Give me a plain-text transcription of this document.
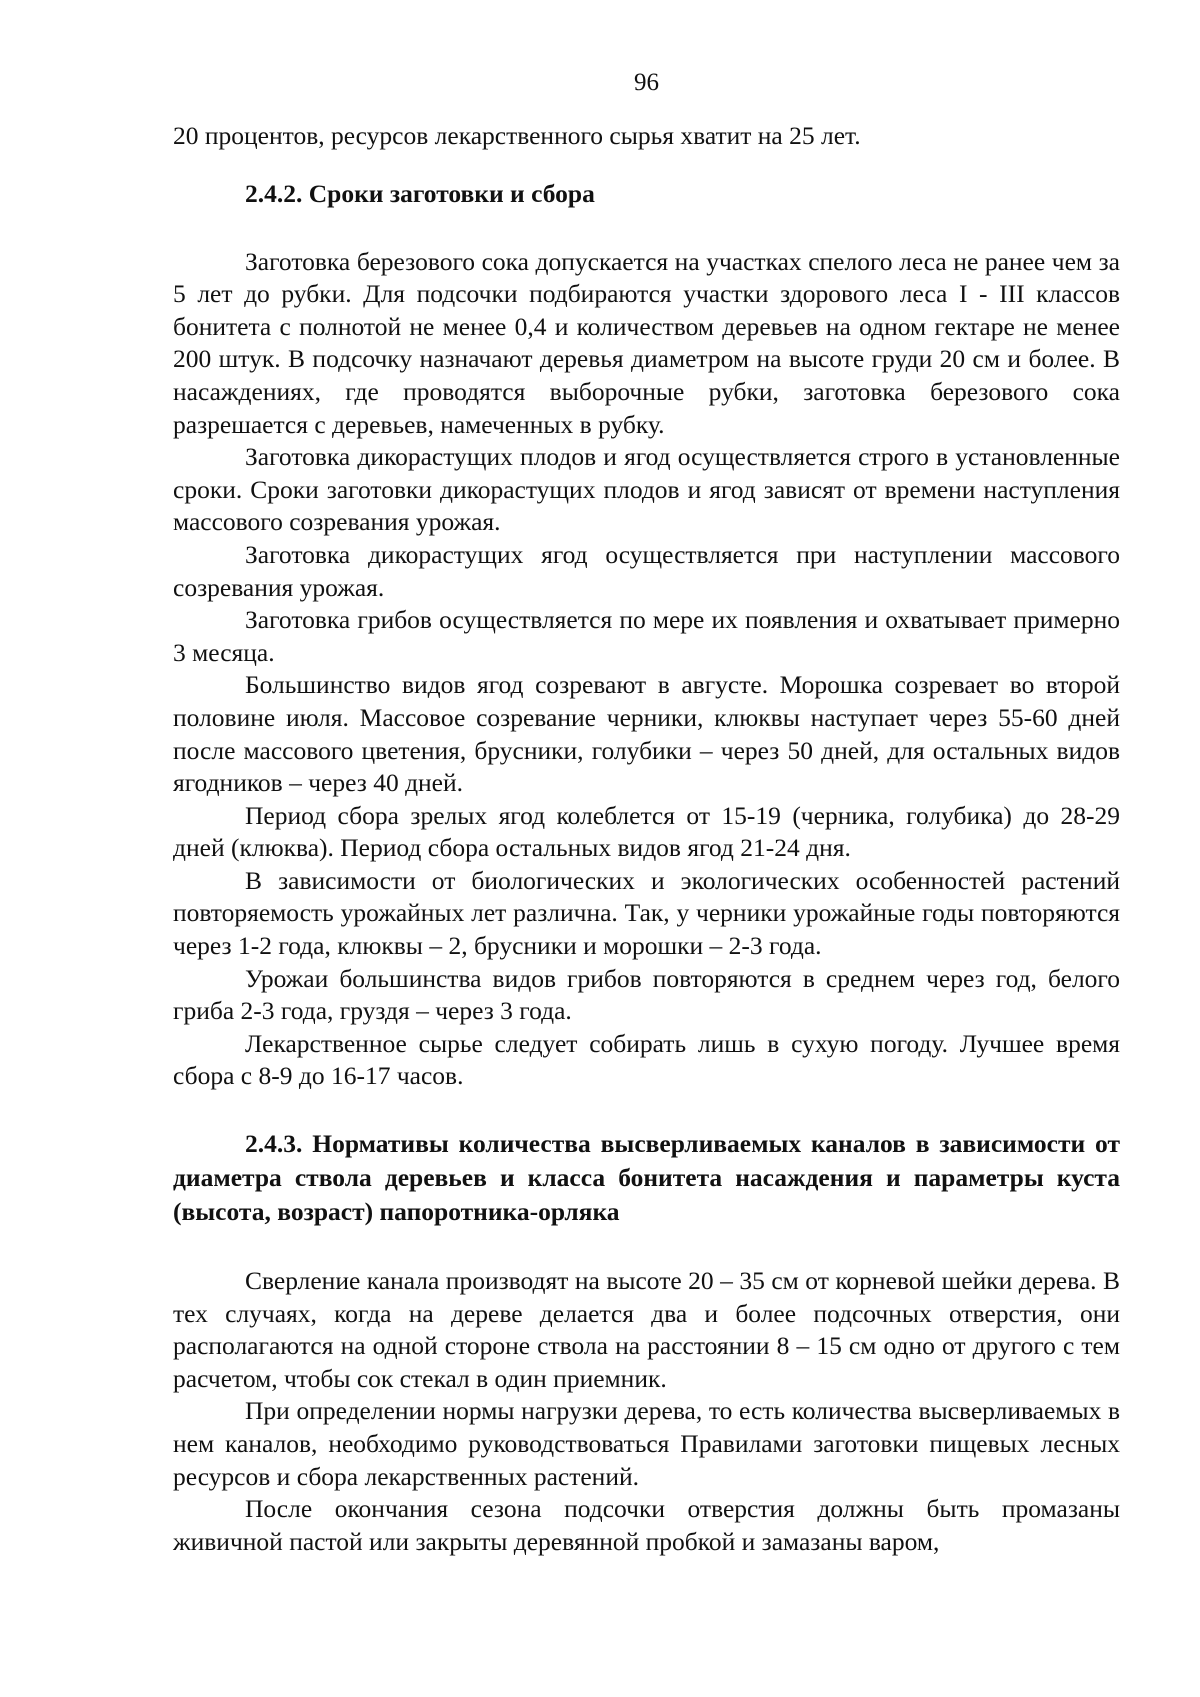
96

20 процентов, ресурсов лекарственного сырья хватит на 25 лет.

2.4.2. Сроки заготовки и сбора

Заготовка березового сока допускается на участках спелого леса не ранее чем за 5 лет до рубки. Для подсочки подбираются участки здорового леса I - III классов бонитета с полнотой не менее 0,4 и количеством деревьев на одном гектаре не менее 200 штук. В подсочку назначают деревья диаметром на высоте груди 20 см и более. В насаждениях, где проводятся выборочные рубки, заготовка березового сока разрешается с деревьев, намеченных в рубку.

Заготовка дикорастущих плодов и ягод осуществляется строго в установленные сроки. Сроки заготовки дикорастущих плодов и ягод зависят от времени наступления массового созревания урожая.

Заготовка дикорастущих ягод осуществляется при наступлении массового созревания урожая.

Заготовка грибов осуществляется по мере их появления и охватывает примерно 3 месяца.

Большинство видов ягод созревают в августе. Морошка созревает во второй половине июля. Массовое созревание черники, клюквы наступает через 55-60 дней после массового цветения, брусники, голубики – через 50 дней, для остальных видов ягодников – через 40 дней.

Период сбора зрелых ягод колеблется от 15-19 (черника, голубика) до 28-29 дней (клюква). Период сбора остальных видов ягод 21-24 дня.

В зависимости от биологических и экологических особенностей растений повторяемость урожайных лет различна. Так, у черники урожайные годы повторяются через 1-2 года, клюквы – 2, брусники и морошки – 2-3 года.

Урожаи большинства видов грибов повторяются в среднем через год, белого гриба 2-3 года, груздя – через 3 года.

Лекарственное сырье следует собирать лишь в сухую погоду. Лучшее время сбора с 8-9 до 16-17 часов.

2.4.3. Нормативы количества высверливаемых каналов в зависимости от диаметра ствола деревьев и класса бонитета насаждения и параметры куста (высота, возраст) папоротника-орляка

Сверление канала производят на высоте 20 – 35 см от корневой шейки дерева. В тех случаях, когда на дереве делается два и более подсочных отверстия, они располагаются на одной стороне ствола на расстоянии 8 – 15 см одно от другого с тем расчетом, чтобы сок стекал в один приемник.

При определении нормы нагрузки дерева, то есть количества высверливаемых в нем каналов, необходимо руководствоваться Правилами заготовки пищевых лесных ресурсов и сбора лекарственных растений.

После окончания сезона подсочки отверстия должны быть промазаны живичной пастой или закрыты деревянной пробкой и замазаны варом,
